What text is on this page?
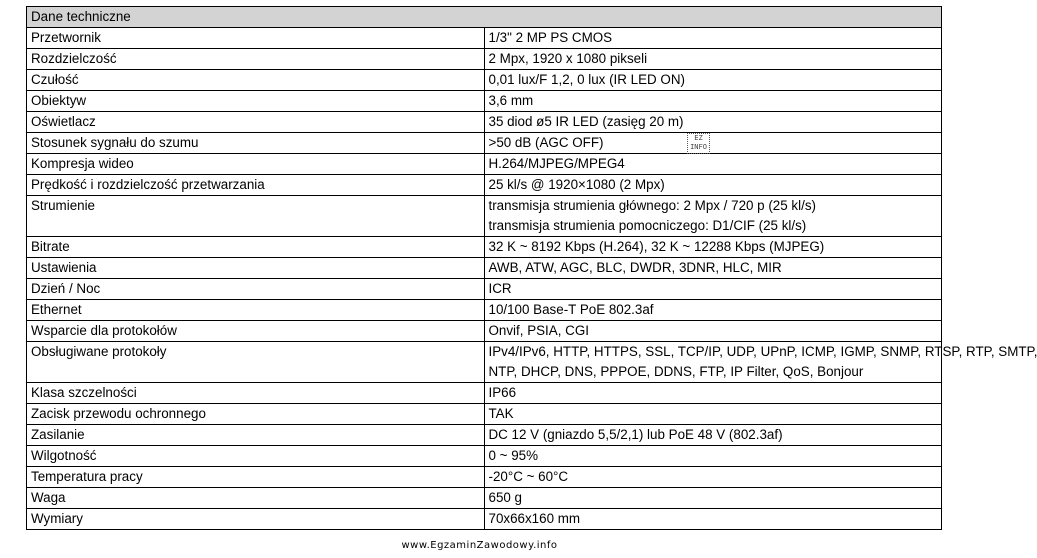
Dane techniczne	
Przetwornik	1/3" 2 MP PS CMOS

Rozdzielczość	2 Mpx, 1920 x 1080 pikseli

Czułość	0,01 lux/F 1,2, 0 lux (IR LED ON)

Obiektyw	3,6 mm

Oświetlacz	35 diod ø5 IR LED (zasięg 20 m)

Stosunek sygnału do szumu	>50 dB (AGC OFF)

Kompresja wideo	H.264/MJPEG/MPEG4

Prędkość i rozdzielczość przetwarzania	25 kl/s @ 1920×1080 (2 Mpx)

Strumienie	transmisja strumienia głównego: 2 Mpx / 720 p (25 kl/s)
transmisja strumienia pomocniczego: D1/CIF (25 kl/s)

Bitrate	32 K ~ 8192 Kbps (H.264), 32 K ~ 12288 Kbps (MJPEG)

Ustawienia	AWB, ATW, AGC, BLC, DWDR, 3DNR, HLC, MIR

Dzień / Noc	ICR

Ethernet	10/100 Base-T PoE 802.3af

Wsparcie dla protokołów	Onvif, PSIA, CGI

Obsługiwane protokoły	IPv4/IPv6, HTTP, HTTPS, SSL, TCP/IP, UDP, UPnP, ICMP, IGMP, SNMP, RTSP, RTP, SMTP,
NTP, DHCP, DNS, PPPOE, DDNS, FTP, IP Filter, QoS, Bonjour

Klasa szczelności	IP66

Zacisk przewodu ochronnego	TAK

Zasilanie	DC 12 V (gniazdo 5,5/2,1) lub PoE 48 V (802.3af)

Wilgotność	0 ~ 95%

Temperatura pracy	-20°C ~ 60°C

Waga	650 g

Wymiary	70x66x160 mm
EZ
INFO
www.EgzaminZawodowy.info
